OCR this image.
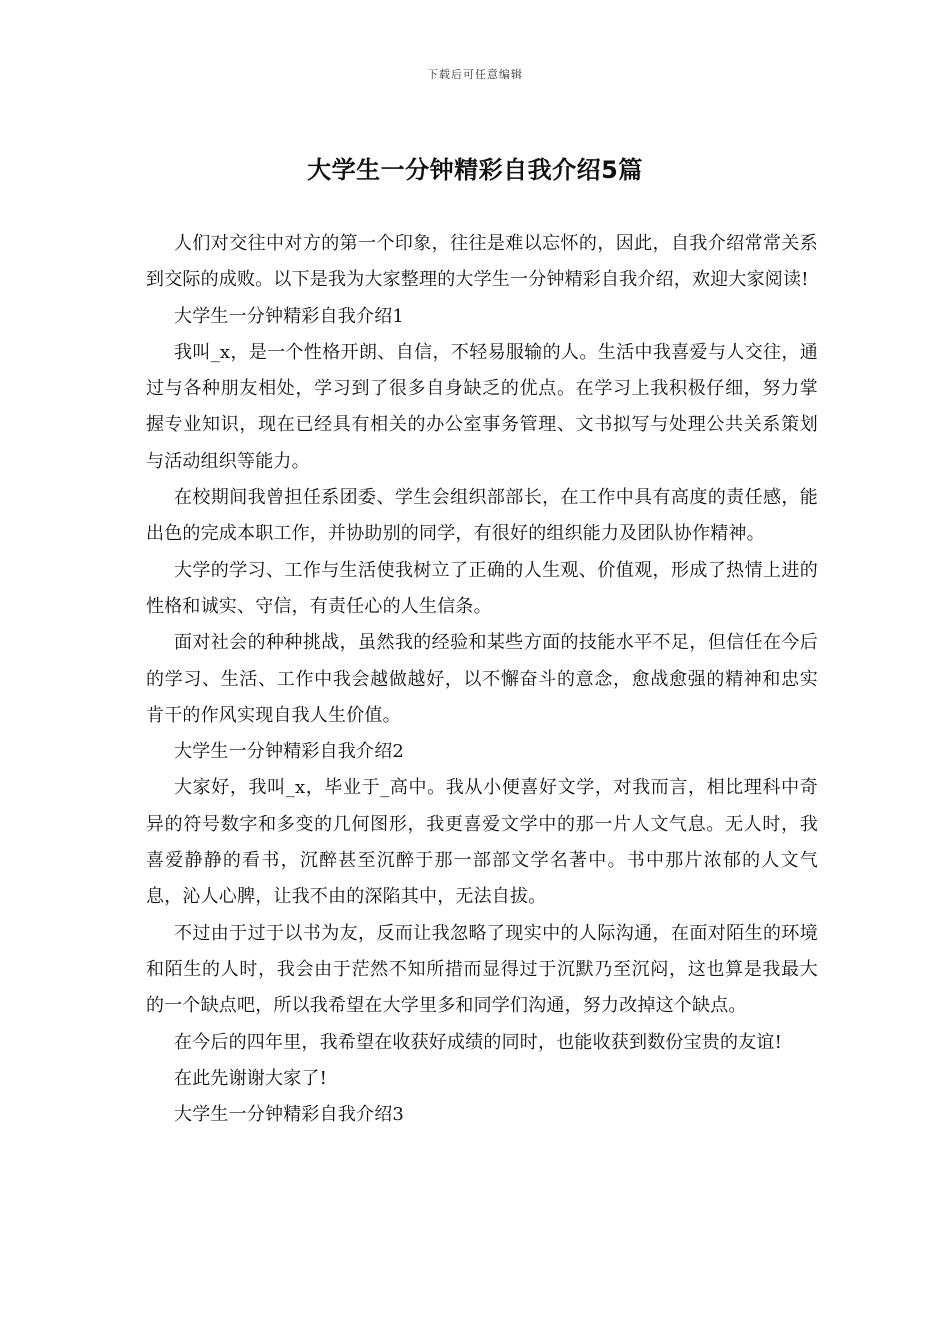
下载后可任意编辑
大学生一分钟精彩自我介绍5篇

人们对交往中对方的第一个印象，往往是难以忘怀的，因此，自我介绍常常关系到交际的成败。以下是我为大家整理的大学生一分钟精彩自我介绍，欢迎大家阅读!

大学生一分钟精彩自我介绍1

我叫_x，是一个性格开朗、自信，不轻易服输的人。生活中我喜爱与人交往，通过与各种朋友相处，学习到了很多自身缺乏的优点。在学习上我积极仔细，努力掌握专业知识，现在已经具有相关的办公室事务管理、文书拟写与处理公共关系策划与活动组织等能力。

在校期间我曾担任系团委、学生会组织部部长，在工作中具有高度的责任感，能出色的完成本职工作，并协助别的同学，有很好的组织能力及团队协作精神。

大学的学习、工作与生活使我树立了正确的人生观、价值观，形成了热情上进的性格和诚实、守信，有责任心的人生信条。

面对社会的种种挑战，虽然我的经验和某些方面的技能水平不足，但信任在今后的学习、生活、工作中我会越做越好，以不懈奋斗的意念，愈战愈强的精神和忠实肯干的作风实现自我人生价值。

大学生一分钟精彩自我介绍2

大家好，我叫_x，毕业于_高中。我从小便喜好文学，对我而言，相比理科中奇异的符号数字和多变的几何图形，我更喜爱文学中的那一片人文气息。无人时，我喜爱静静的看书，沉醉甚至沉醉于那一部部文学名著中。书中那片浓郁的人文气息，沁人心脾，让我不由的深陷其中，无法自拔。

不过由于过于以书为友，反而让我忽略了现实中的人际沟通，在面对陌生的环境和陌生的人时，我会由于茫然不知所措而显得过于沉默乃至沉闷，这也算是我最大的一个缺点吧，所以我希望在大学里多和同学们沟通，努力改掉这个缺点。

在今后的四年里，我希望在收获好成绩的同时，也能收获到数份宝贵的友谊!

在此先谢谢大家了!

大学生一分钟精彩自我介绍3
